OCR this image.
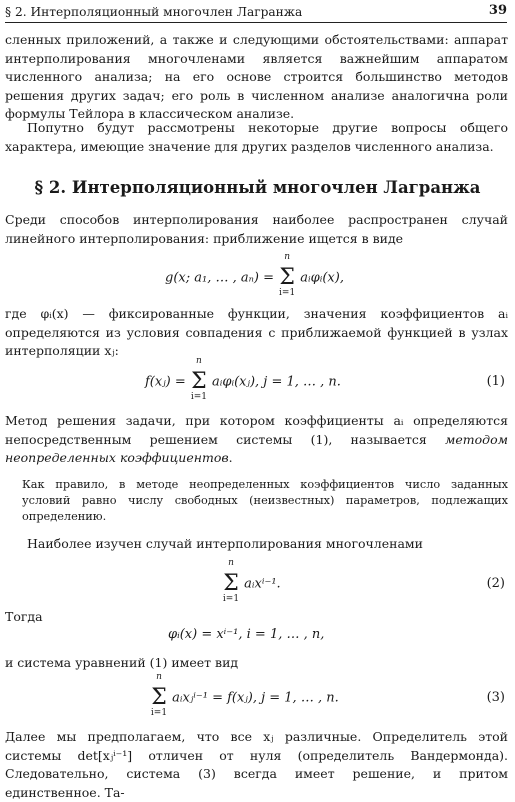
§ 2. Интерполяционный многочлен Лагранжа	39

сленных приложений, а также и следующими обстоятельствами: аппарат интерполирования многочленами является важнейшим аппаратом численного анализа; на его основе строится большинство методов решения других задач; его роль в численном анализе аналогична роли формулы Тейлора в классическом анализе.

Попутно будут рассмотрены некоторые другие вопросы общего характера, имеющие значение для других разделов численного анализа.

§ 2. Интерполяционный многочлен Лагранжа

Среди способов интерполирования наиболее распространен случай линейного интерполирования: приближение ищется в виде

g(x; a₁, … , aₙ) =
n
Σ
i=1
aᵢφᵢ(x),

где φᵢ(x) — фиксированные функции, значения коэффициентов aᵢ определяются из условия совпадения с приближаемой функцией в узлах интерполяции xⱼ:

f(xⱼ) =
n
Σ
i=1
aᵢφᵢ(xⱼ), j = 1, … , n.	(1)

Метод решения задачи, при котором коэффициенты aᵢ определяются непосредственным решением системы (1), называется методом неопределенных коэффициентов.

Как правило, в методе неопределенных коэффициентов число заданных условий равно числу свободных (неизвестных) параметров, подлежащих определению.

Наиболее изучен случай интерполирования многочленами

n
Σ
i=1
aᵢxⁱ⁻¹.	(2)

Тогда

φᵢ(x) = xⁱ⁻¹, i = 1, … , n,

и система уравнений (1) имеет вид

n
Σ
i=1
aᵢxⱼⁱ⁻¹ = f(xⱼ), j = 1, … , n.	(3)

Далее мы предполагаем, что все xⱼ различные. Определитель этой системы det[xⱼⁱ⁻¹] отличен от нуля (определитель Вандермонда). Следовательно, система (3) всегда имеет решение, и притом единственное. Та-
